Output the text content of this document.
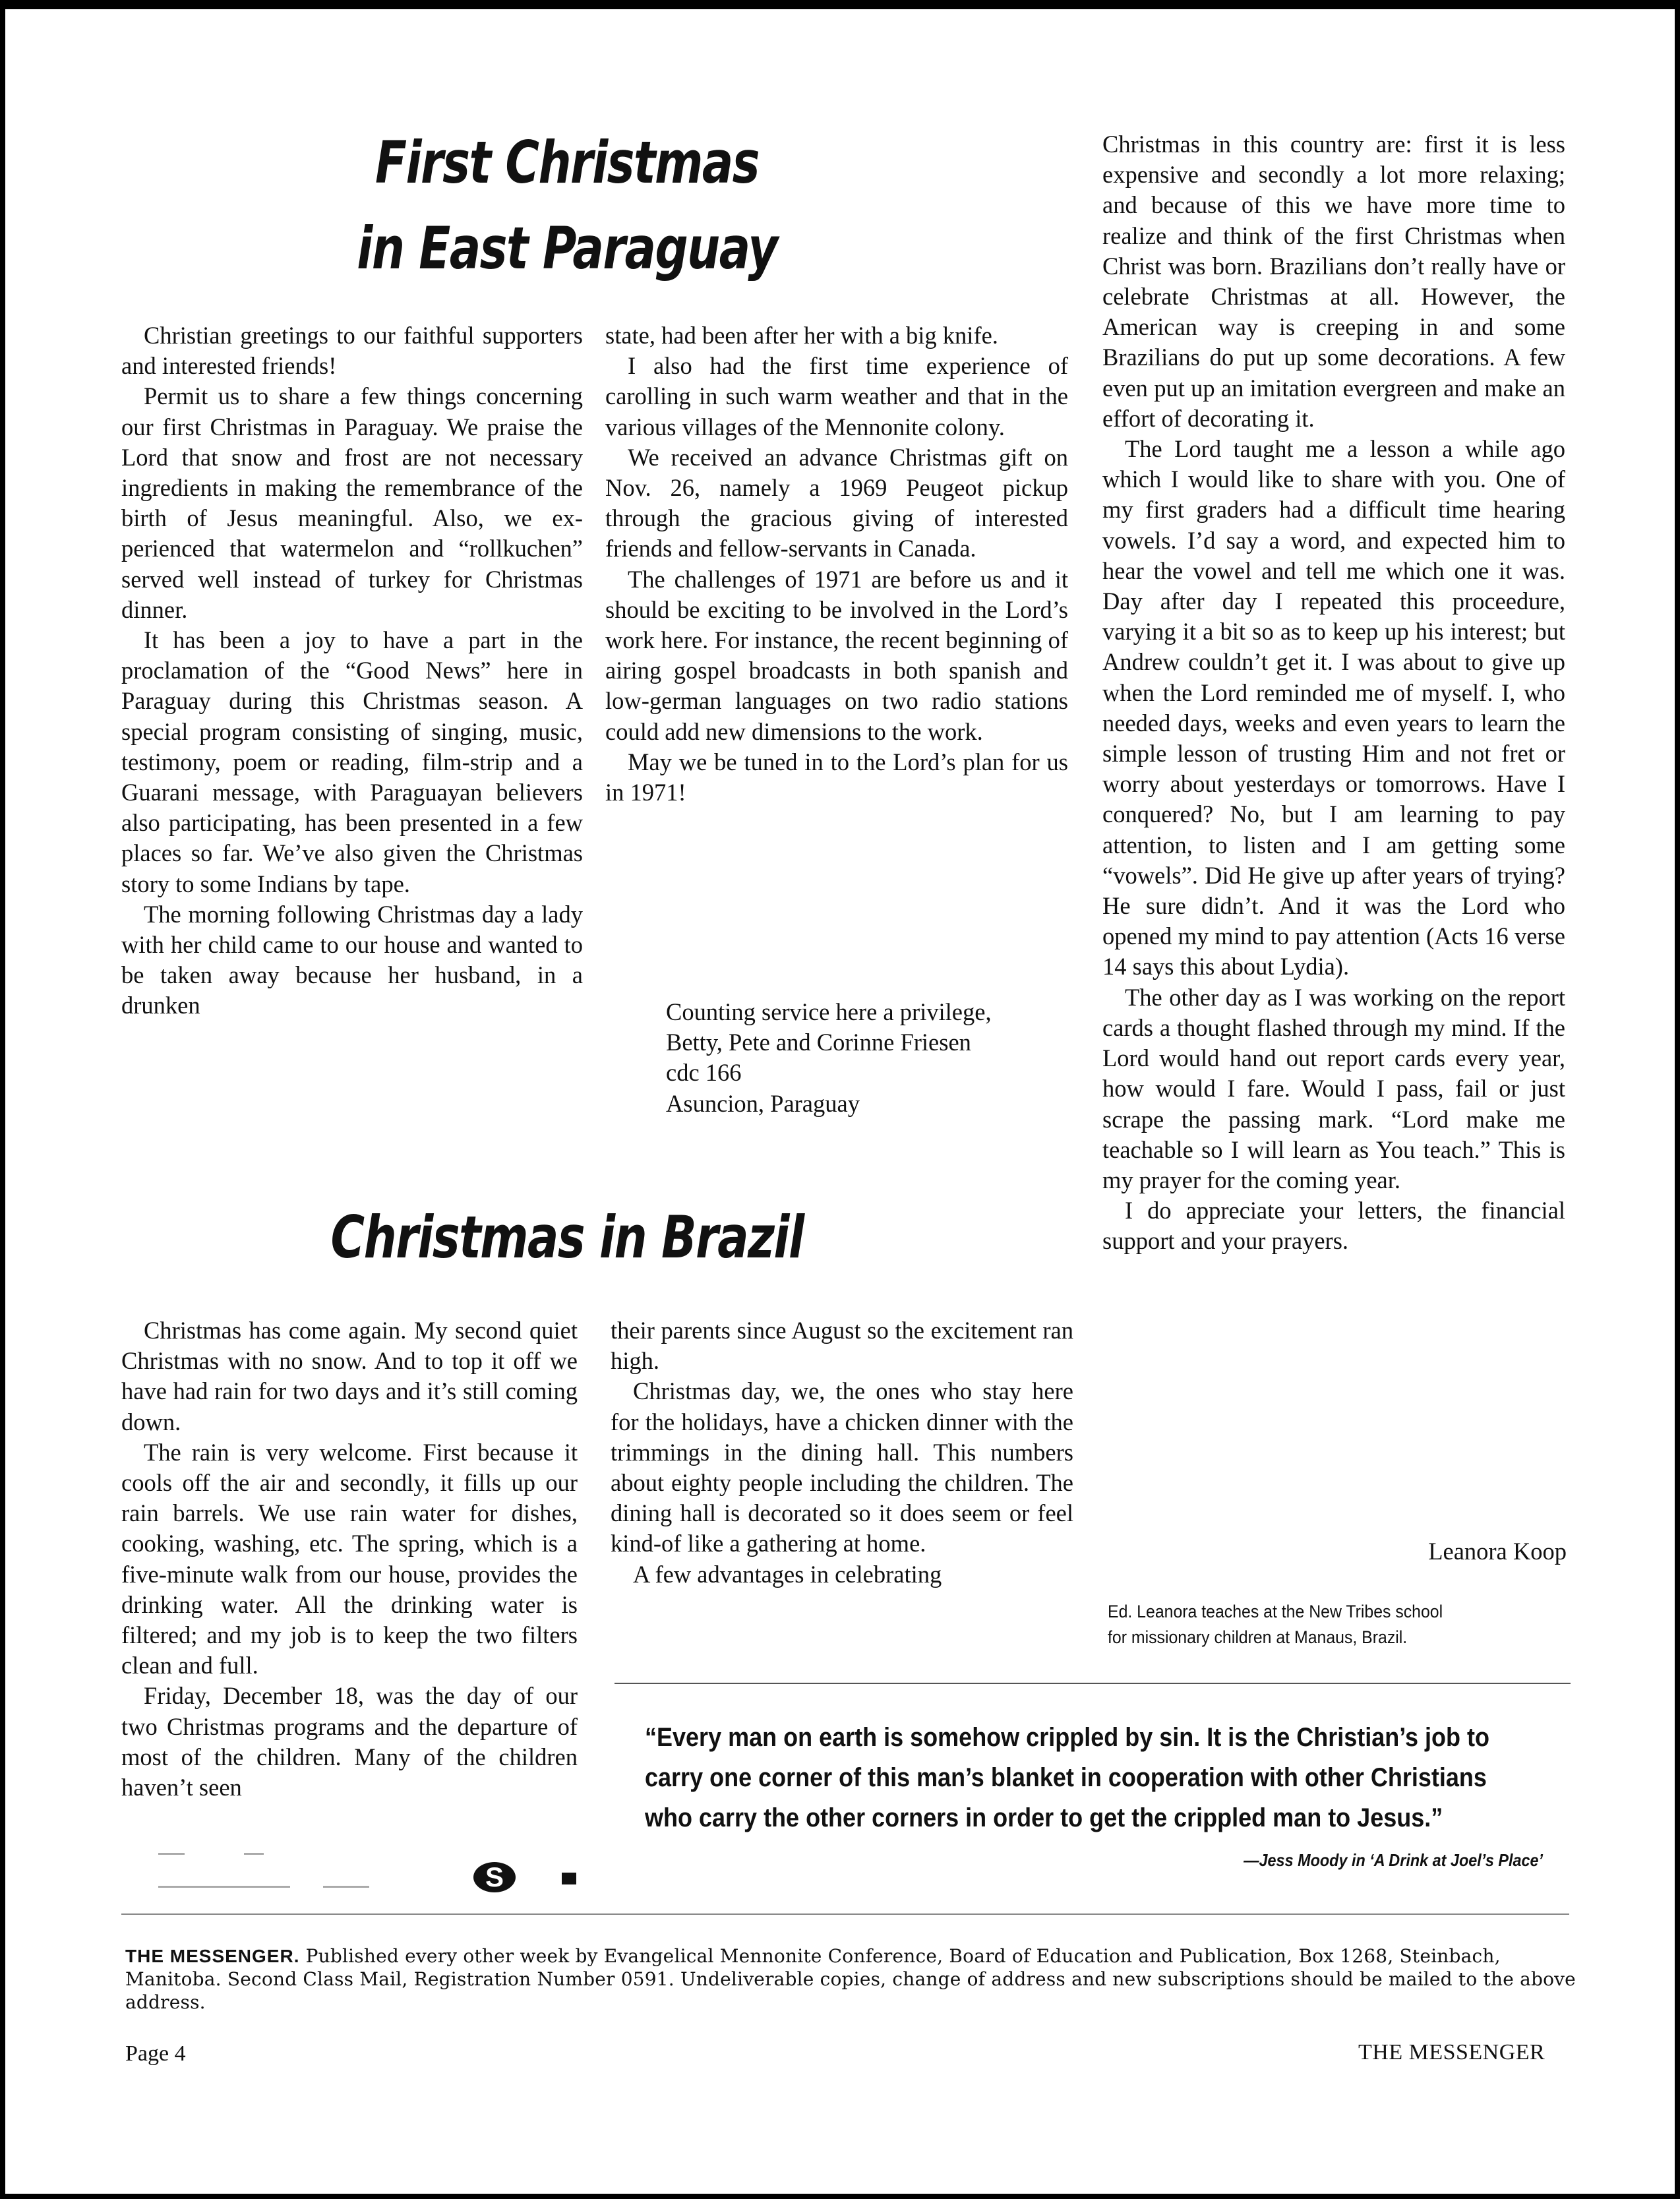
First Christmas
in East Paraguay

Christian greetings to our faithful supporters and interested friends!

Permit us to share a few things concerning our first Christmas in Paraguay. We praise the Lord that snow and frost are not necessary ingredients in making the remembrance of the birth of Jesus meaningful. Also, we experienced that watermelon and “rollkuchen” served well instead of turkey for Christmas dinner.

It has been a joy to have a part in the proclamation of the “Good News” here in Paraguay during this Christmas season. A special program consisting of singing, music, testimony, poem or reading, film-strip and a Guarani message, with Paraguayan believers also participating, has been presented in a few places so far. We’ve also given the Christmas story to some Indians by tape.

The morning following Christmas day a lady with her child came to our house and wanted to be taken away because her husband, in a drunken

state, had been after her with a big knife.

I also had the first time experience of carolling in such warm weather and that in the various villages of the Mennonite colony.

We received an advance Christmas gift on Nov. 26, namely a 1969 Peugeot pickup through the gracious giving of interested friends and fellow-servants in Canada.

The challenges of 1971 are before us and it should be exciting to be involved in the Lord’s work here. For instance, the recent beginning of airing gospel broadcasts in both spanish and low-german languages on two radio stations could add new dimensions to the work.

May we be tuned in to the Lord’s plan for us in 1971!

Counting service here a privilege,
Betty, Pete and Corinne Friesen
cdc 166
Asuncion, Paraguay
Christmas in Brazil

Christmas has come again. My second quiet Christmas with no snow. And to top it off we have had rain for two days and it’s still coming down.

The rain is very welcome. First because it cools off the air and secondly, it fills up our rain barrels. We use rain water for dishes, cooking, washing, etc. The spring, which is a five-minute walk from our house, provides the drinking water. All the drinking water is filtered; and my job is to keep the two filters clean and full.

Friday, December 18, was the day of our two Christmas programs and the departure of most of the children. Many of the children haven’t seen

their parents since August so the excitement ran high.

Christmas day, we, the ones who stay here for the holidays, have a chicken dinner with the trimmings in the dining hall. This numbers about eighty people including the children. The dining hall is decorated so it does seem or feel kind-of like a gathering at home.

A few advantages in celebrating

Christmas in this country are: first it is less expensive and secondly a lot more relaxing; and because of this we have more time to realize and think of the first Christmas when Christ was born. Brazilians don’t really have or celebrate Christmas at all. However, the American way is creeping in and some Brazilians do put up some decorations. A few even put up an imitation evergreen and make an effort of decorating it.

The Lord taught me a lesson a while ago which I would like to share with you. One of my first graders had a difficult time hearing vowels. I’d say a word, and expected him to hear the vowel and tell me which one it was. Day after day I repeated this proceedure, varying it a bit so as to keep up his interest; but Andrew couldn’t get it. I was about to give up when the Lord reminded me of myself. I, who needed days, weeks and even years to learn the simple lesson of trusting Him and not fret or worry about yesterdays or tomorrows. Have I conquered? No, but I am learning to pay attention, to listen and I am getting some “vowels”. Did He give up after years of trying? He sure didn’t. And it was the Lord who opened my mind to pay attention (Acts 16 verse 14 says this about Lydia).

The other day as I was working on the report cards a thought flashed through my mind. If the Lord would hand out report cards every year, how would I fare. Would I pass, fail or just scrape the passing mark. “Lord make me teachable so I will learn as You teach.” This is my prayer for the coming year.

I do appreciate your letters, the financial support and your prayers.

Leanora Koop
Ed. Leanora teaches at the New Tribes school
for missionary children at Manaus, Brazil.
“Every man on earth is somehow crippled by sin. It is the Christian’s job to carry one corner of this man’s blanket in cooperation with other Christians who carry the other corners in order to get the crippled man to Jesus.”
—Jess Moody in ‘A Drink at Joel’s Place’
S
THE MESSENGER. Published every other week by Evangelical Mennonite Conference, Board of Education and Publication, Box 1268, Steinbach, Manitoba. Second Class Mail, Registration Number 0591. Undeliverable copies, change of address and new subscriptions should be mailed to the above address.
Page 4	THE MESSENGER
